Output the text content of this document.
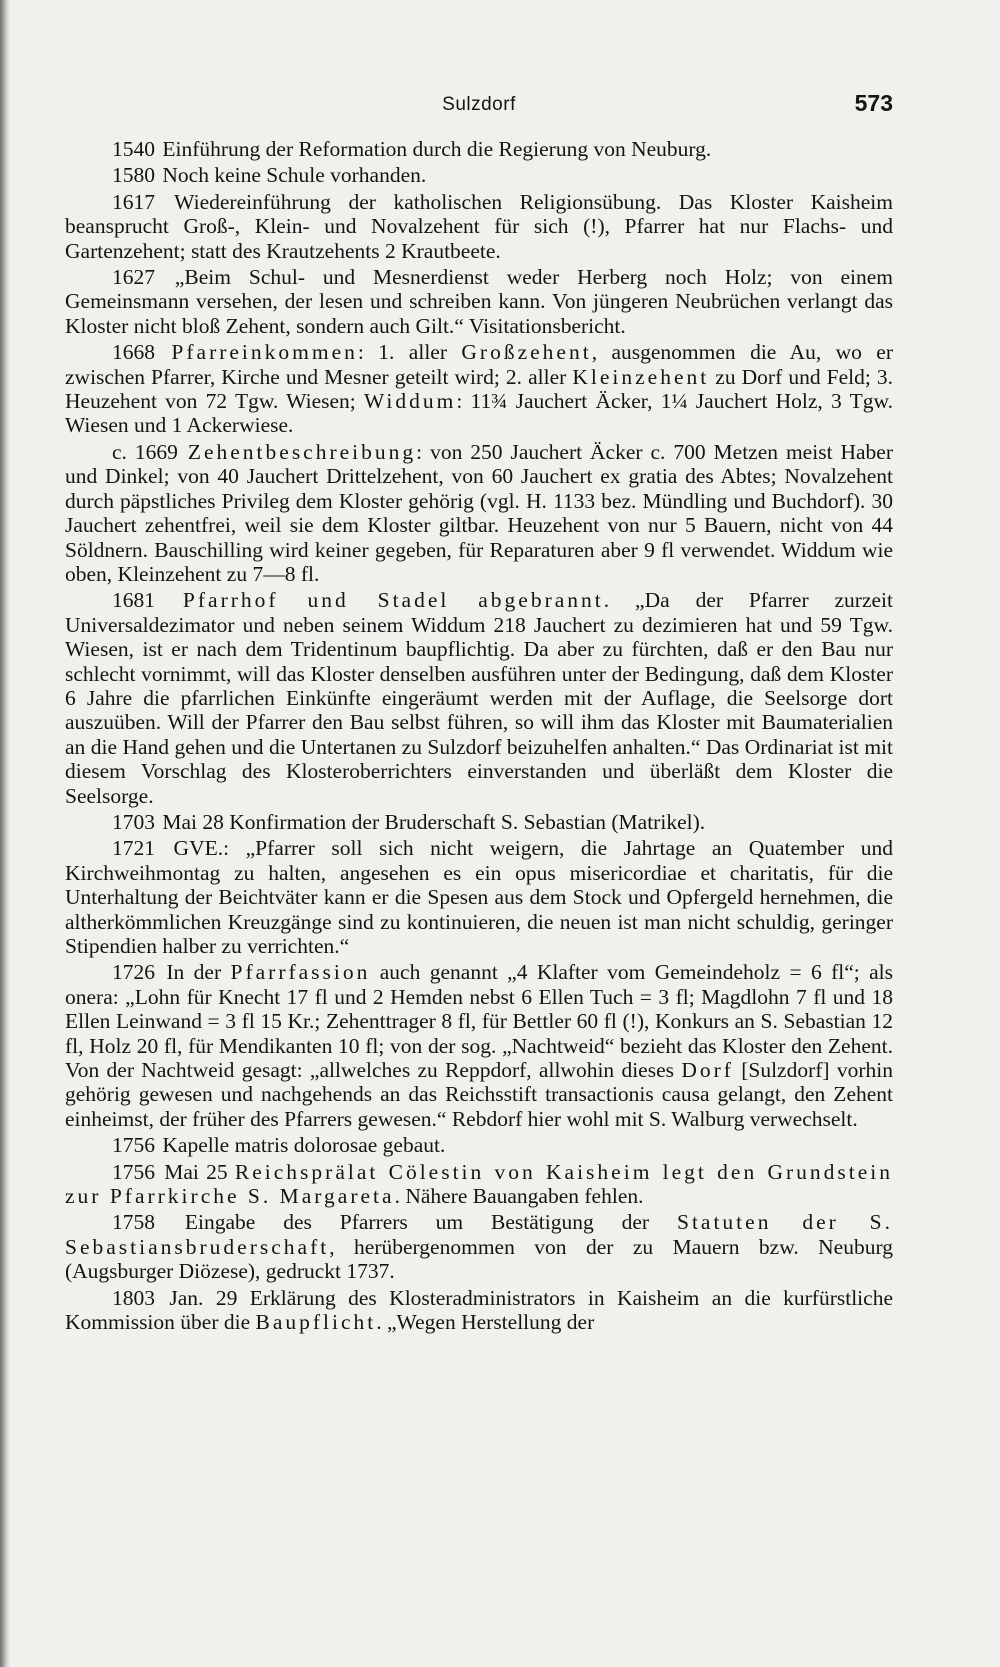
Sulzdorf	573

1540 Einführung der Reformation durch die Regierung von Neuburg.

1580 Noch keine Schule vorhanden.

1617 Wiedereinführung der katholischen Religionsübung. Das Kloster Kaisheim beansprucht Groß-, Klein- und Novalzehent für sich (!), Pfarrer hat nur Flachs- und Gartenzehent; statt des Krautzehents 2 Krautbeete.

1627 „Beim Schul- und Mesnerdienst weder Herberg noch Holz; von einem Gemeinsmann versehen, der lesen und schreiben kann. Von jüngeren Neubrüchen verlangt das Kloster nicht bloß Zehent, sondern auch Gilt.“ Visitationsbericht.

1668 Pfarreinkommen: 1. aller Großzehent, ausgenommen die Au, wo er zwischen Pfarrer, Kirche und Mesner geteilt wird; 2. aller Kleinzehent zu Dorf und Feld; 3. Heuzehent von 72 Tgw. Wiesen; Widdum: 11¾ Jauchert Äcker, 1¼ Jauchert Holz, 3 Tgw. Wiesen und 1 Ackerwiese.

c. 1669 Zehentbeschreibung: von 250 Jauchert Äcker c. 700 Metzen meist Haber und Dinkel; von 40 Jauchert Drittelzehent, von 60 Jauchert ex gratia des Abtes; Novalzehent durch päpstliches Privileg dem Kloster gehörig (vgl. H. 1133 bez. Mündling und Buchdorf). 30 Jauchert zehentfrei, weil sie dem Kloster giltbar. Heuzehent von nur 5 Bauern, nicht von 44 Söldnern. Bauschilling wird keiner gegeben, für Reparaturen aber 9 fl verwendet. Widdum wie oben, Kleinzehent zu 7—8 fl.

1681 Pfarrhof und Stadel abgebrannt. „Da der Pfarrer zurzeit Universaldezimator und neben seinem Widdum 218 Jauchert zu dezimieren hat und 59 Tgw. Wiesen, ist er nach dem Tridentinum baupflichtig. Da aber zu fürchten, daß er den Bau nur schlecht vornimmt, will das Kloster denselben ausführen unter der Bedingung, daß dem Kloster 6 Jahre die pfarrlichen Einkünfte eingeräumt werden mit der Auflage, die Seelsorge dort auszuüben. Will der Pfarrer den Bau selbst führen, so will ihm das Kloster mit Baumaterialien an die Hand gehen und die Untertanen zu Sulzdorf beizuhelfen anhalten.“ Das Ordinariat ist mit diesem Vorschlag des Klosteroberrichters einverstanden und überläßt dem Kloster die Seelsorge.

1703 Mai 28 Konfirmation der Bruderschaft S. Sebastian (Matrikel).

1721 GVE.: „Pfarrer soll sich nicht weigern, die Jahrtage an Quatember und Kirchweihmontag zu halten, angesehen es ein opus misericordiae et charitatis, für die Unterhaltung der Beichtväter kann er die Spesen aus dem Stock und Opfergeld hernehmen, die altherkömmlichen Kreuzgänge sind zu kontinuieren, die neuen ist man nicht schuldig, geringer Stipendien halber zu verrichten.“

1726 In der Pfarrfassion auch genannt „4 Klafter vom Gemeindeholz = 6 fl“; als onera: „Lohn für Knecht 17 fl und 2 Hemden nebst 6 Ellen Tuch = 3 fl; Magdlohn 7 fl und 18 Ellen Leinwand = 3 fl 15 Kr.; Zehenttrager 8 fl, für Bettler 60 fl (!), Konkurs an S. Sebastian 12 fl, Holz 20 fl, für Mendikanten 10 fl; von der sog. „Nachtweid“ bezieht das Kloster den Zehent. Von der Nachtweid gesagt: „allwelches zu Reppdorf, allwohin dieses Dorf [Sulzdorf] vorhin gehörig gewesen und nachgehends an das Reichsstift transactionis causa gelangt, den Zehent einheimst, der früher des Pfarrers gewesen.“ Rebdorf hier wohl mit S. Walburg verwechselt.

1756 Kapelle matris dolorosae gebaut.

1756 Mai 25 Reichsprälat Cölestin von Kaisheim legt den Grundstein zur Pfarrkirche S. Margareta. Nähere Bauangaben fehlen.

1758 Eingabe des Pfarrers um Bestätigung der Statuten der S. Sebastiansbruderschaft, herübergenommen von der zu Mauern bzw. Neuburg (Augsburger Diözese), gedruckt 1737.

1803 Jan. 29 Erklärung des Klosteradministrators in Kaisheim an die kurfürstliche Kommission über die Baupflicht. „Wegen Herstellung der
